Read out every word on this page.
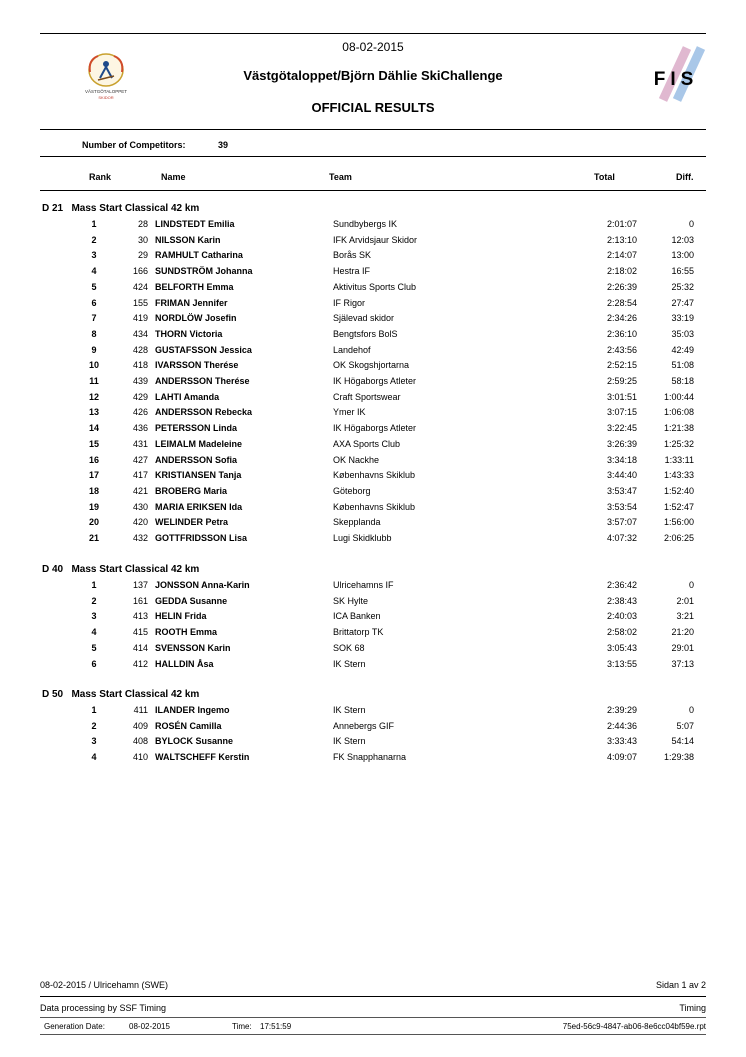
VÄSTGÖTALOPPET
SKIDOR
08-02-2015
Västgötaloppet/Björn Dählie SkiChallenge
OFFICIAL RESULTS
FIS
Number of Competitors:	39
Rank	Name	Team	Total	Diff.
D 21   Mass Start Classical 42 km
1	28 LINDSTEDT Emilia	Sundbybergs IK	2:01:07	0
2	30 NILSSON Karin	IFK Arvidsjaur Skidor	2:13:10	12:03
3	29 RAMHULT Catharina	Borås SK	2:14:07	13:00
4	166 SUNDSTRÖM Johanna	Hestra IF	2:18:02	16:55
5	424 BELFORTH Emma	Aktivitus Sports Club	2:26:39	25:32
6	155 FRIMAN Jennifer	IF Rigor	2:28:54	27:47
7	419 NORDLÖW Josefin	Själevad skidor	2:34:26	33:19
8	434 THORN Victoria	Bengtsfors BolS	2:36:10	35:03
9	428 GUSTAFSSON Jessica	Landehof	2:43:56	42:49
10	418 IVARSSON Therése	OK Skogshjortarna	2:52:15	51:08
11	439 ANDERSSON Therése	IK Högaborgs Atleter	2:59:25	58:18
12	429 LAHTI Amanda	Craft Sportswear	3:01:51	1:00:44
13	426 ANDERSSON Rebecka	Ymer IK	3:07:15	1:06:08
14	436 PETERSSON Linda	IK Högaborgs Atleter	3:22:45	1:21:38
15	431 LEIMALM Madeleine	AXA Sports Club	3:26:39	1:25:32
16	427 ANDERSSON Sofia	OK Nackhe	3:34:18	1:33:11
17	417 KRISTIANSEN Tanja	Københavns Skiklub	3:44:40	1:43:33
18	421 BROBERG Maria	Göteborg	3:53:47	1:52:40
19	430 MARIA ERIKSEN Ida	Københavns Skiklub	3:53:54	1:52:47
20	420 WELINDER Petra	Skepplanda	3:57:07	1:56:00
21	432 GOTTFRIDSSON Lisa	Lugi Skidklubb	4:07:32	2:06:25
D 40   Mass Start Classical 42 km
1	137 JONSSON Anna-Karin	Ulricehamns IF	2:36:42	0
2	161 GEDDA Susanne	SK Hylte	2:38:43	2:01
3	413 HELIN Frida	ICA Banken	2:40:03	3:21
4	415 ROOTH Emma	Brittatorp TK	2:58:02	21:20
5	414 SVENSSON Karin	SOK 68	3:05:43	29:01
6	412 HALLDIN Åsa	IK Stern	3:13:55	37:13
D 50   Mass Start Classical 42 km
1	411 ILANDER Ingemo	IK Stern	2:39:29	0
2	409 ROSÉN Camilla	Annebergs GIF	2:44:36	5:07
3	408 BYLOCK Susanne	IK Stern	3:33:43	54:14
4	410 WALTSCHEFF Kerstin	FK Snapphanarna	4:09:07	1:29:38
08-02-2015 / Ulricehamn (SWE)	Sidan 1 av 2
Data processing by SSF Timing	Timing
Generation Date:	08-02-2015	Time: 17:51:59	75ed-56c9-4847-ab06-8e6cc04bf59e.rpt
